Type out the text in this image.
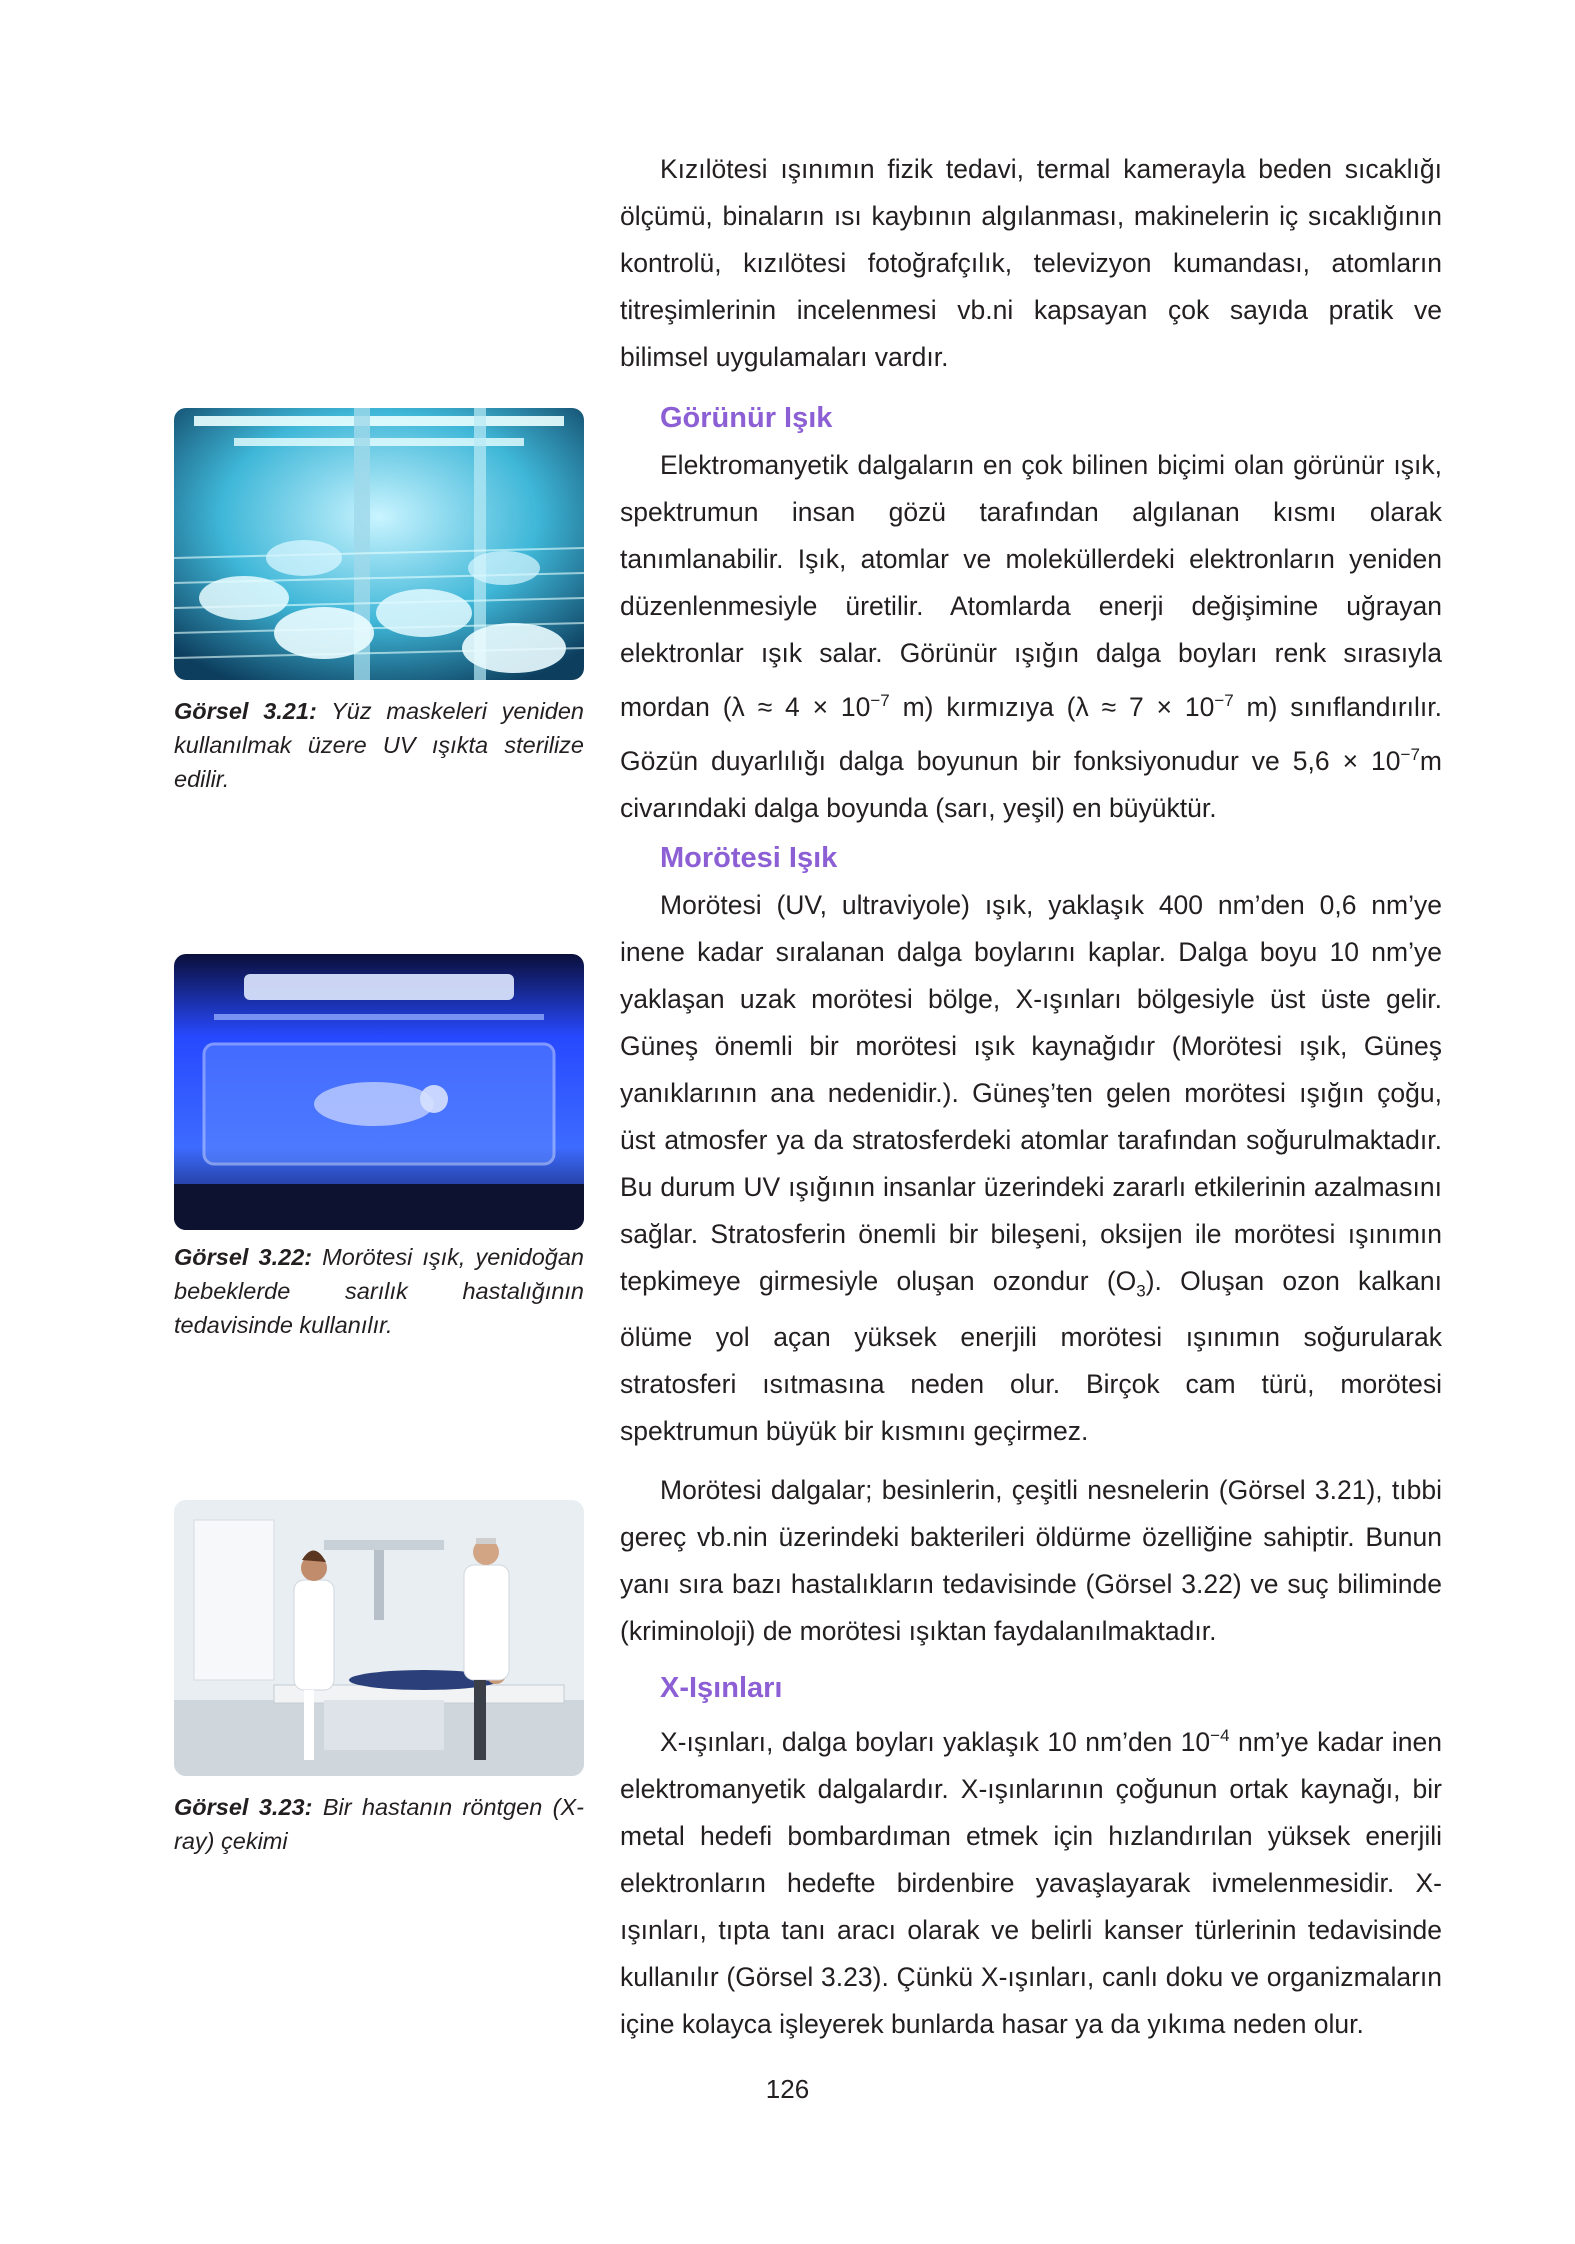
Kızılötesi ışınımın fizik tedavi, termal kamerayla beden sıcaklığı ölçümü, binaların ısı kaybının algılanması, makinelerin iç sıcaklığının kontrolü, kızılötesi fotoğrafçılık, televizyon kumandası, atomların titreşimlerinin incelenmesi vb.ni kapsayan çok sayıda pratik ve bilimsel uygulamaları vardır.

Görünür Işık

Elektromanyetik dalgaların en çok bilinen biçimi olan görünür ışık, spektrumun insan gözü tarafından algılanan kısmı olarak tanımlanabilir. Işık, atomlar ve moleküllerdeki elektronların yeniden düzenlenmesiyle üretilir. Atomlarda enerji değişimine uğrayan elektronlar ışık salar. Görünür ışığın dalga boyları renk sırasıyla mordan ($\lambda \approx 4 \times 10^{-7}$ m) kırmızıya ($\lambda \approx 7 \times 10^{-7}$ m) sınıflandırılır. Gözün duyarlılığı dalga boyunun bir fonksiyonudur ve $5,6 \times 10^{-7}m$ civarındaki dalga boyunda (sarı, yeşil) en büyüktür.

Morötesi Işık

Morötesi (UV, ultraviyole) ışık, yaklaşık 400 nm’den 0,6 nm’ye inene kadar sıralanan dalga boylarını kaplar. Dalga boyu 10 nm’ye yaklaşan uzak morötesi bölge, X-ışınları bölgesiyle üst üste gelir. Güneş önemli bir morötesi ışık kaynağıdır (Morötesi ışık, Güneş yanıklarının ana nedenidir.). Güneş’ten gelen morötesi ışığın çoğu, üst atmosfer ya da stratosferdeki atomlar tarafından soğurulmaktadır. Bu durum UV ışığının insanlar üzerindeki zararlı etkilerinin azalmasını sağlar. Stratosferin önemli bir bileşeni, oksijen ile morötesi ışınımın tepkimeye girmesiyle oluşan ozondur $(O_3)$. Oluşan ozon kalkanı ölüme yol açan yüksek enerjili morötesi ışınımın soğurularak stratosferi ısıtmasına neden olur. Birçok cam türü, morötesi spektrumun büyük bir kısmını geçirmez.

Morötesi dalgalar; besinlerin, çeşitli nesnelerin (Görsel 3.21), tıbbi gereç vb.nin üzerindeki bakterileri öldürme özelliğine sahiptir. Bunun yanı sıra bazı hastalıkların tedavisinde (Görsel 3.22) ve suç biliminde (kriminoloji) de morötesi ışıktan faydalanılmaktadır.

X-Işınları

X-ışınları, dalga boyları yaklaşık 10 nm’den $10^{-4}$ nm’ye kadar inen elektromanyetik dalgalardır. X-ışınlarının çoğunun ortak kaynağı, bir metal hedefi bombardıman etmek için hızlandırılan yüksek enerjili elektronların hedefte birdenbire yavaşlayarak ivmelenmesidir. X-ışınları, tıpta tanı aracı olarak ve belirli kanser türlerinin tedavisinde kullanılır (Görsel 3.23). Çünkü X-ışınları, canlı doku ve organizmaların içine kolayca işleyerek bunlarda hasar ya da yıkıma neden olur.

Görsel 3.21: Yüz maskeleri yeniden kullanılmak üzere UV ışıkta sterilize edilir.

Görsel 3.22: Morötesi ışık, yenidoğan bebeklerde sarılık hastalığının tedavisinde kullanılır.

Görsel 3.23: Bir hastanın röntgen (X-ray) çekimi

126
